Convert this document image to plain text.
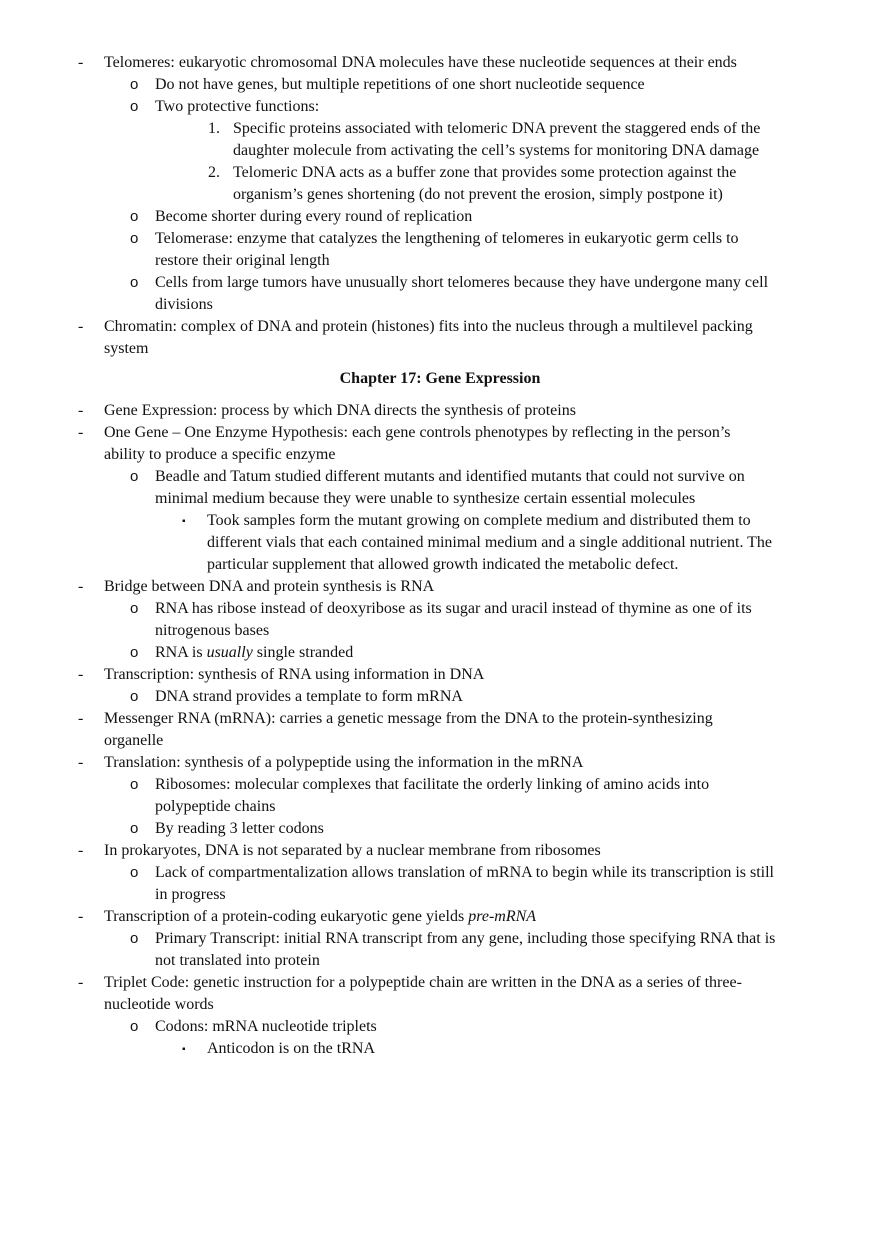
- Telomeres: eukaryotic chromosomal DNA molecules have these nucleotide sequences at their ends
o Do not have genes, but multiple repetitions of one short nucleotide sequence
o Two protective functions:
1. Specific proteins associated with telomeric DNA prevent the staggered ends of the
daughter molecule from activating the cell’s systems for monitoring DNA damage
2. Telomeric DNA acts as a buffer zone that provides some protection against the
organism’s genes shortening (do not prevent the erosion, simply postpone it)
o Become shorter during every round of replication
o Telomerase: enzyme that catalyzes the lengthening of telomeres in eukaryotic germ cells to
restore their original length
o Cells from large tumors have unusually short telomeres because they have undergone many cell
divisions
- Chromatin: complex of DNA and protein (histones) fits into the nucleus through a multilevel packing
system
Chapter 17: Gene Expression
- Gene Expression: process by which DNA directs the synthesis of proteins
- One Gene – One Enzyme Hypothesis: each gene controls phenotypes by reflecting in the person’s
ability to produce a specific enzyme
o Beadle and Tatum studied different mutants and identified mutants that could not survive on
minimal medium because they were unable to synthesize certain essential molecules
▪ Took samples form the mutant growing on complete medium and distributed them to
different vials that each contained minimal medium and a single additional nutrient. The
particular supplement that allowed growth indicated the metabolic defect.
- Bridge between DNA and protein synthesis is RNA
o RNA has ribose instead of deoxyribose as its sugar and uracil instead of thymine as one of its
nitrogenous bases
o RNA is usually single stranded
- Transcription: synthesis of RNA using information in DNA
o DNA strand provides a template to form mRNA
- Messenger RNA (mRNA): carries a genetic message from the DNA to the protein-synthesizing
organelle
- Translation: synthesis of a polypeptide using the information in the mRNA
o Ribosomes: molecular complexes that facilitate the orderly linking of amino acids into
polypeptide chains
o By reading 3 letter codons
- In prokaryotes, DNA is not separated by a nuclear membrane from ribosomes
o Lack of compartmentalization allows translation of mRNA to begin while its transcription is still
in progress
- Transcription of a protein-coding eukaryotic gene yields pre-mRNA
o Primary Transcript: initial RNA transcript from any gene, including those specifying RNA that is
not translated into protein
- Triplet Code: genetic instruction for a polypeptide chain are written in the DNA as a series of three-
nucleotide words
o Codons: mRNA nucleotide triplets
▪ Anticodon is on the tRNA
